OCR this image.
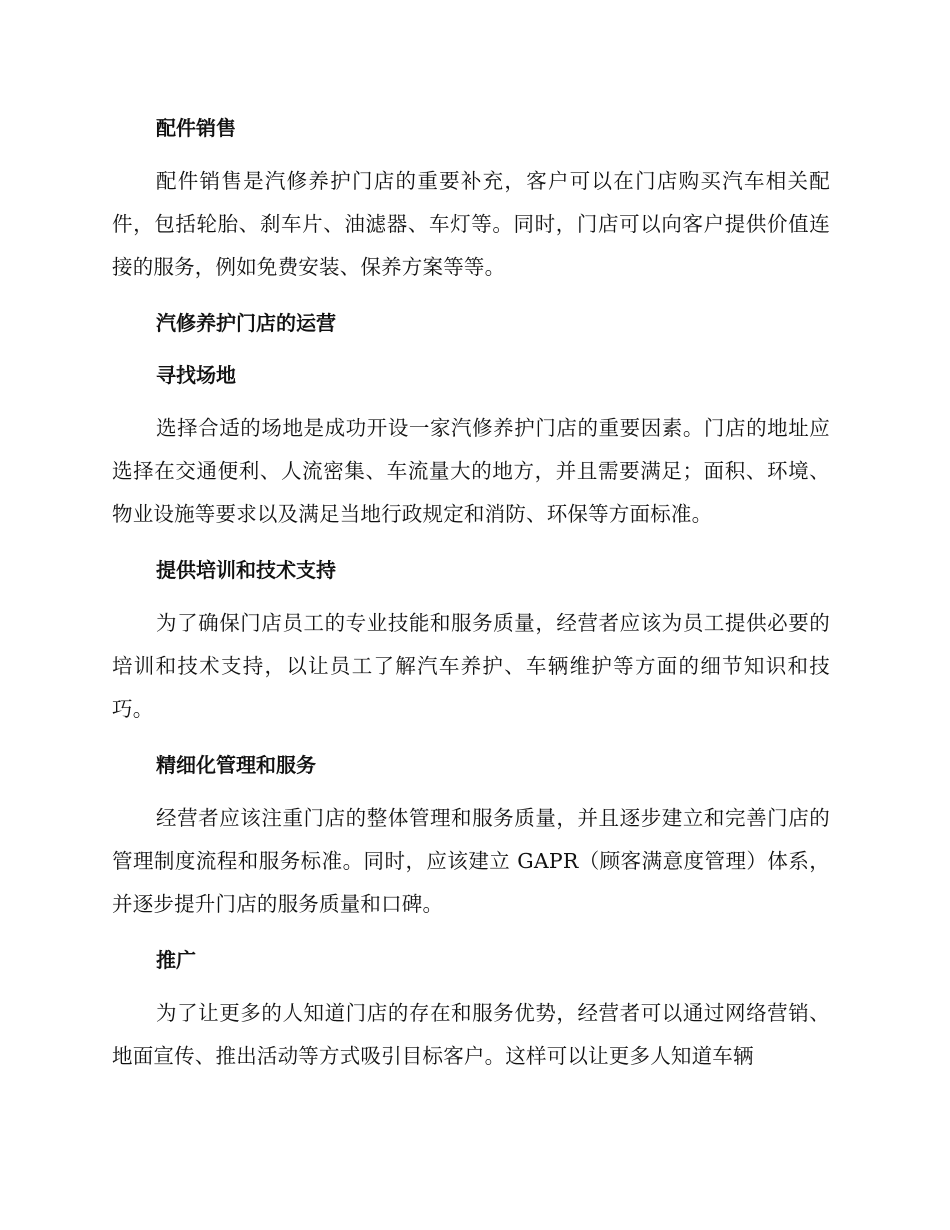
配件销售

配件销售是汽修养护门店的重要补充，客户可以在门店购买汽车相关配件，包括轮胎、刹车片、油滤器、车灯等。同时，门店可以向客户提供价值连接的服务，例如免费安装、保养方案等等。

汽修养护门店的运营
寻找场地

选择合适的场地是成功开设一家汽修养护门店的重要因素。门店的地址应选择在交通便利、人流密集、车流量大的地方，并且需要满足；面积、环境、物业设施等要求以及满足当地行政规定和消防、环保等方面标准。

提供培训和技术支持

为了确保门店员工的专业技能和服务质量，经营者应该为员工提供必要的培训和技术支持，以让员工了解汽车养护、车辆维护等方面的细节知识和技巧。

精细化管理和服务

经营者应该注重门店的整体管理和服务质量，并且逐步建立和完善门店的管理制度流程和服务标准。同时，应该建立 GAPR（顾客满意度管理）体系，并逐步提升门店的服务质量和口碑。

推广

为了让更多的人知道门店的存在和服务优势，经营者可以通过网络营销、地面宣传、推出活动等方式吸引目标客户。这样可以让更多人知道车辆
